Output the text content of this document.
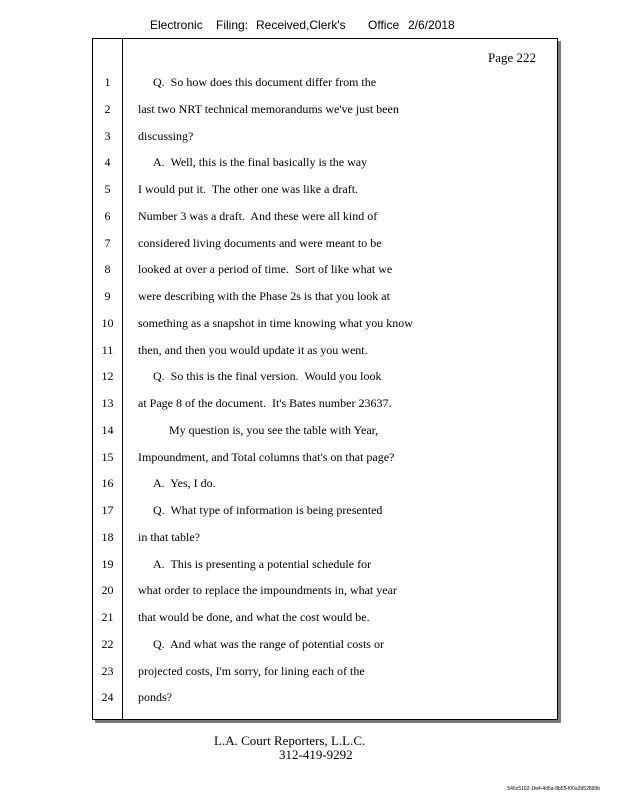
Electronic Filing: Received,Clerk's Office 2/6/2018
Page 222
1	Q.  So how does this document differ from the
2	last two NRT technical memorandums we've just been
3	discussing?
4	A.  Well, this is the final basically is the way
5	I would put it.  The other one was like a draft.
6	Number 3 was a draft.  And these were all kind of
7	considered living documents and were meant to be
8	looked at over a period of time.  Sort of like what we
9	were describing with the Phase 2s is that you look at
10	something as a snapshot in time knowing what you know
11	then, and then you would update it as you went.
12	Q.  So this is the final version.  Would you look
13	at Page 8 of the document.  It's Bates number 23637.
14	My question is, you see the table with Year,
15	Impoundment, and Total columns that's on that page?
16	A.  Yes, I do.
17	Q.  What type of information is being presented
18	in that table?
19	A.  This is presenting a potential schedule for
20	what order to replace the impoundments in, what year
21	that would be done, and what the cost would be.
22	Q.  And what was the range of potential costs or
23	projected costs, I'm sorry, for lining each of the
24	ponds?
L.A. Court Reporters, L.L.C.
312-419-9292
546c5102-1fe4-4d5a-8b55-f00a3952899b
